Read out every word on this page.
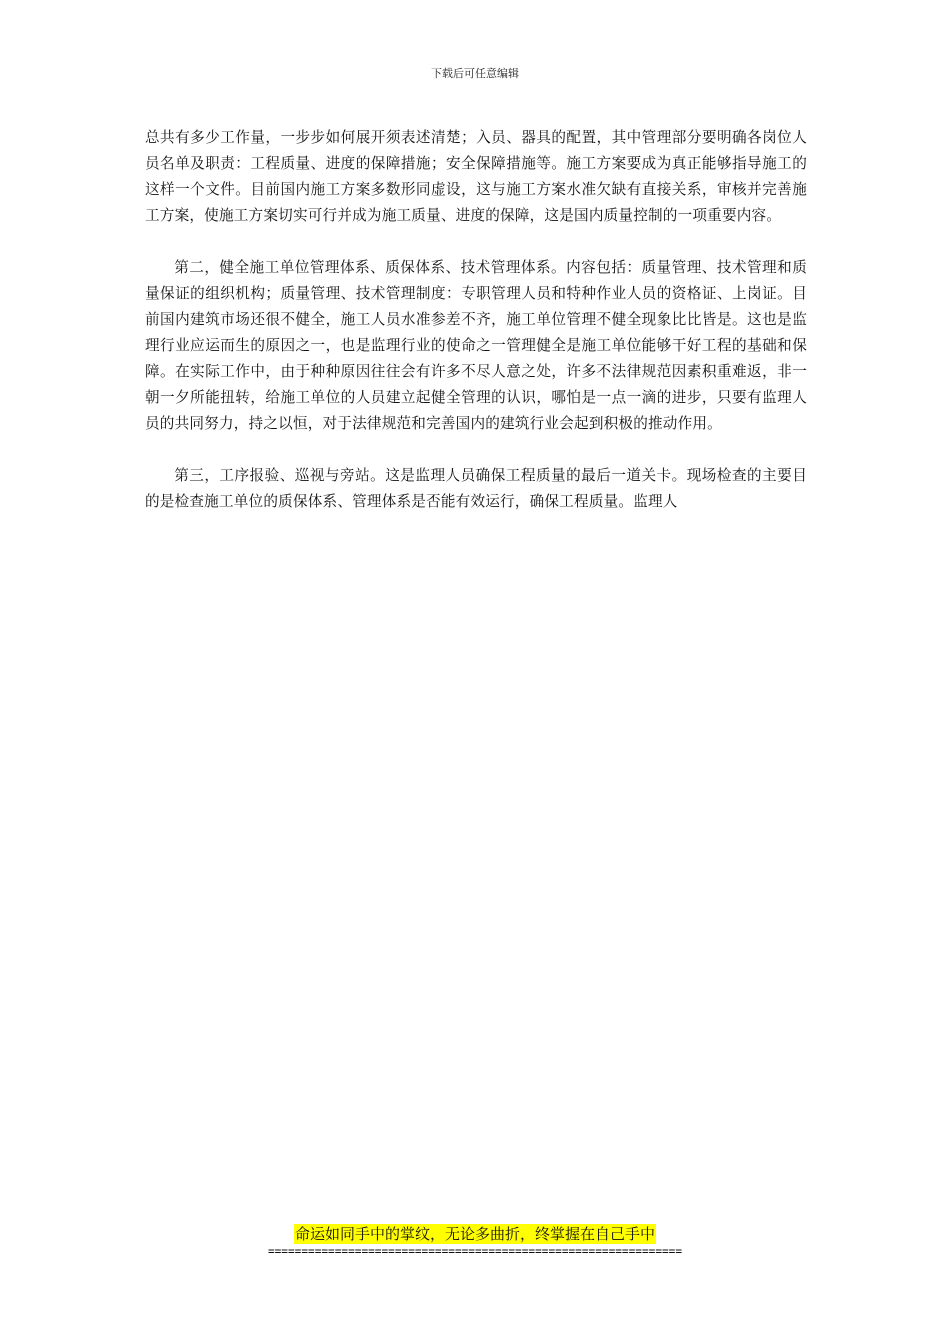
下载后可任意编辑

总共有多少工作量，一步步如何展开须表述清楚；入员、器具的配置，其中管理部分要明确各岗位人员名单及职责：工程质量、进度的保障措施；安全保障措施等。施工方案要成为真正能够指导施工的这样一个文件。目前国内施工方案多数形同虚设，这与施工方案水准欠缺有直接关系，审核并完善施工方案，使施工方案切实可行并成为施工质量、进度的保障，这是国内质量控制的一项重要内容。

第二，健全施工单位管理体系、质保体系、技术管理体系。内容包括：质量管理、技术管理和质量保证的组织机构；质量管理、技术管理制度：专职管理人员和特种作业人员的资格证、上岗证。目前国内建筑市场还很不健全，施工人员水准参差不齐，施工单位管理不健全现象比比皆是。这也是监理行业应运而生的原因之一，也是监理行业的使命之一管理健全是施工单位能够干好工程的基础和保障。在实际工作中，由于种种原因往往会有许多不尽人意之处，许多不法律规范因素积重难返，非一朝一夕所能扭转，给施工单位的人员建立起健全管理的认识，哪怕是一点一滴的进步，只要有监理人员的共同努力，持之以恒，对于法律规范和完善国内的建筑行业会起到积极的推动作用。

第三，工序报验、巡视与旁站。这是监理人员确保工程质量的最后一道关卡。现场检查的主要目的是检查施工单位的质保体系、管理体系是否能有效运行，确保工程质量。监理人

命运如同手中的掌纹，无论多曲折，终掌握在自己手中
==============================================================
